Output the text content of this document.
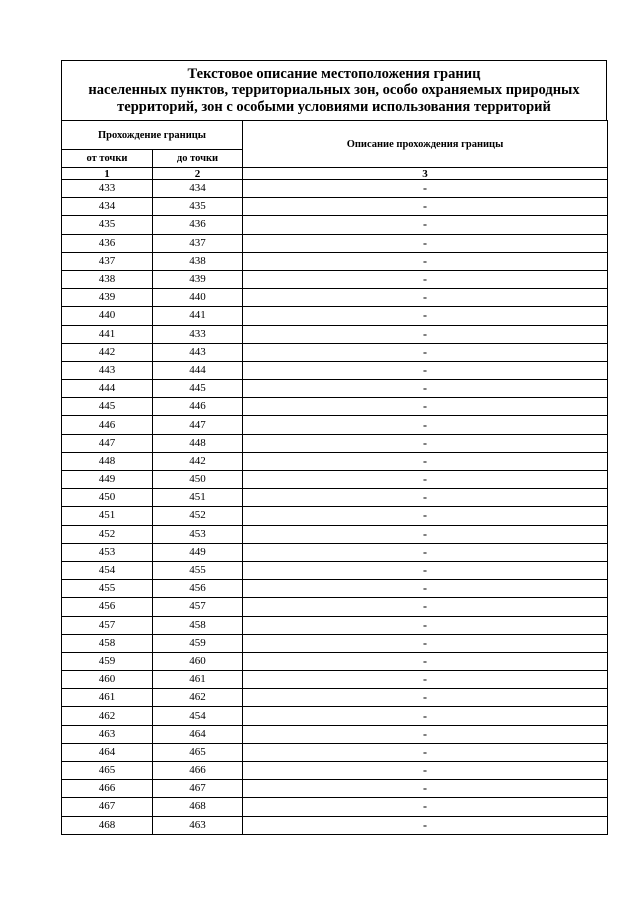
Текстовое описание местоположения границ
населенных пунктов, территориальных зон, особо охраняемых природных
территорий, зон с особыми условиями использования территорий
Прохождение границы		Описание прохождения границы
от точки	до точки	
1	2	3
433	434	-
434	435	-
435	436	-
436	437	-
437	438	-
438	439	-
439	440	-
440	441	-
441	433	-
442	443	-
443	444	-
444	445	-
445	446	-
446	447	-
447	448	-
448	442	-
449	450	-
450	451	-
451	452	-
452	453	-
453	449	-
454	455	-
455	456	-
456	457	-
457	458	-
458	459	-
459	460	-
460	461	-
461	462	-
462	454	-
463	464	-
464	465	-
465	466	-
466	467	-
467	468	-
468	463	-
